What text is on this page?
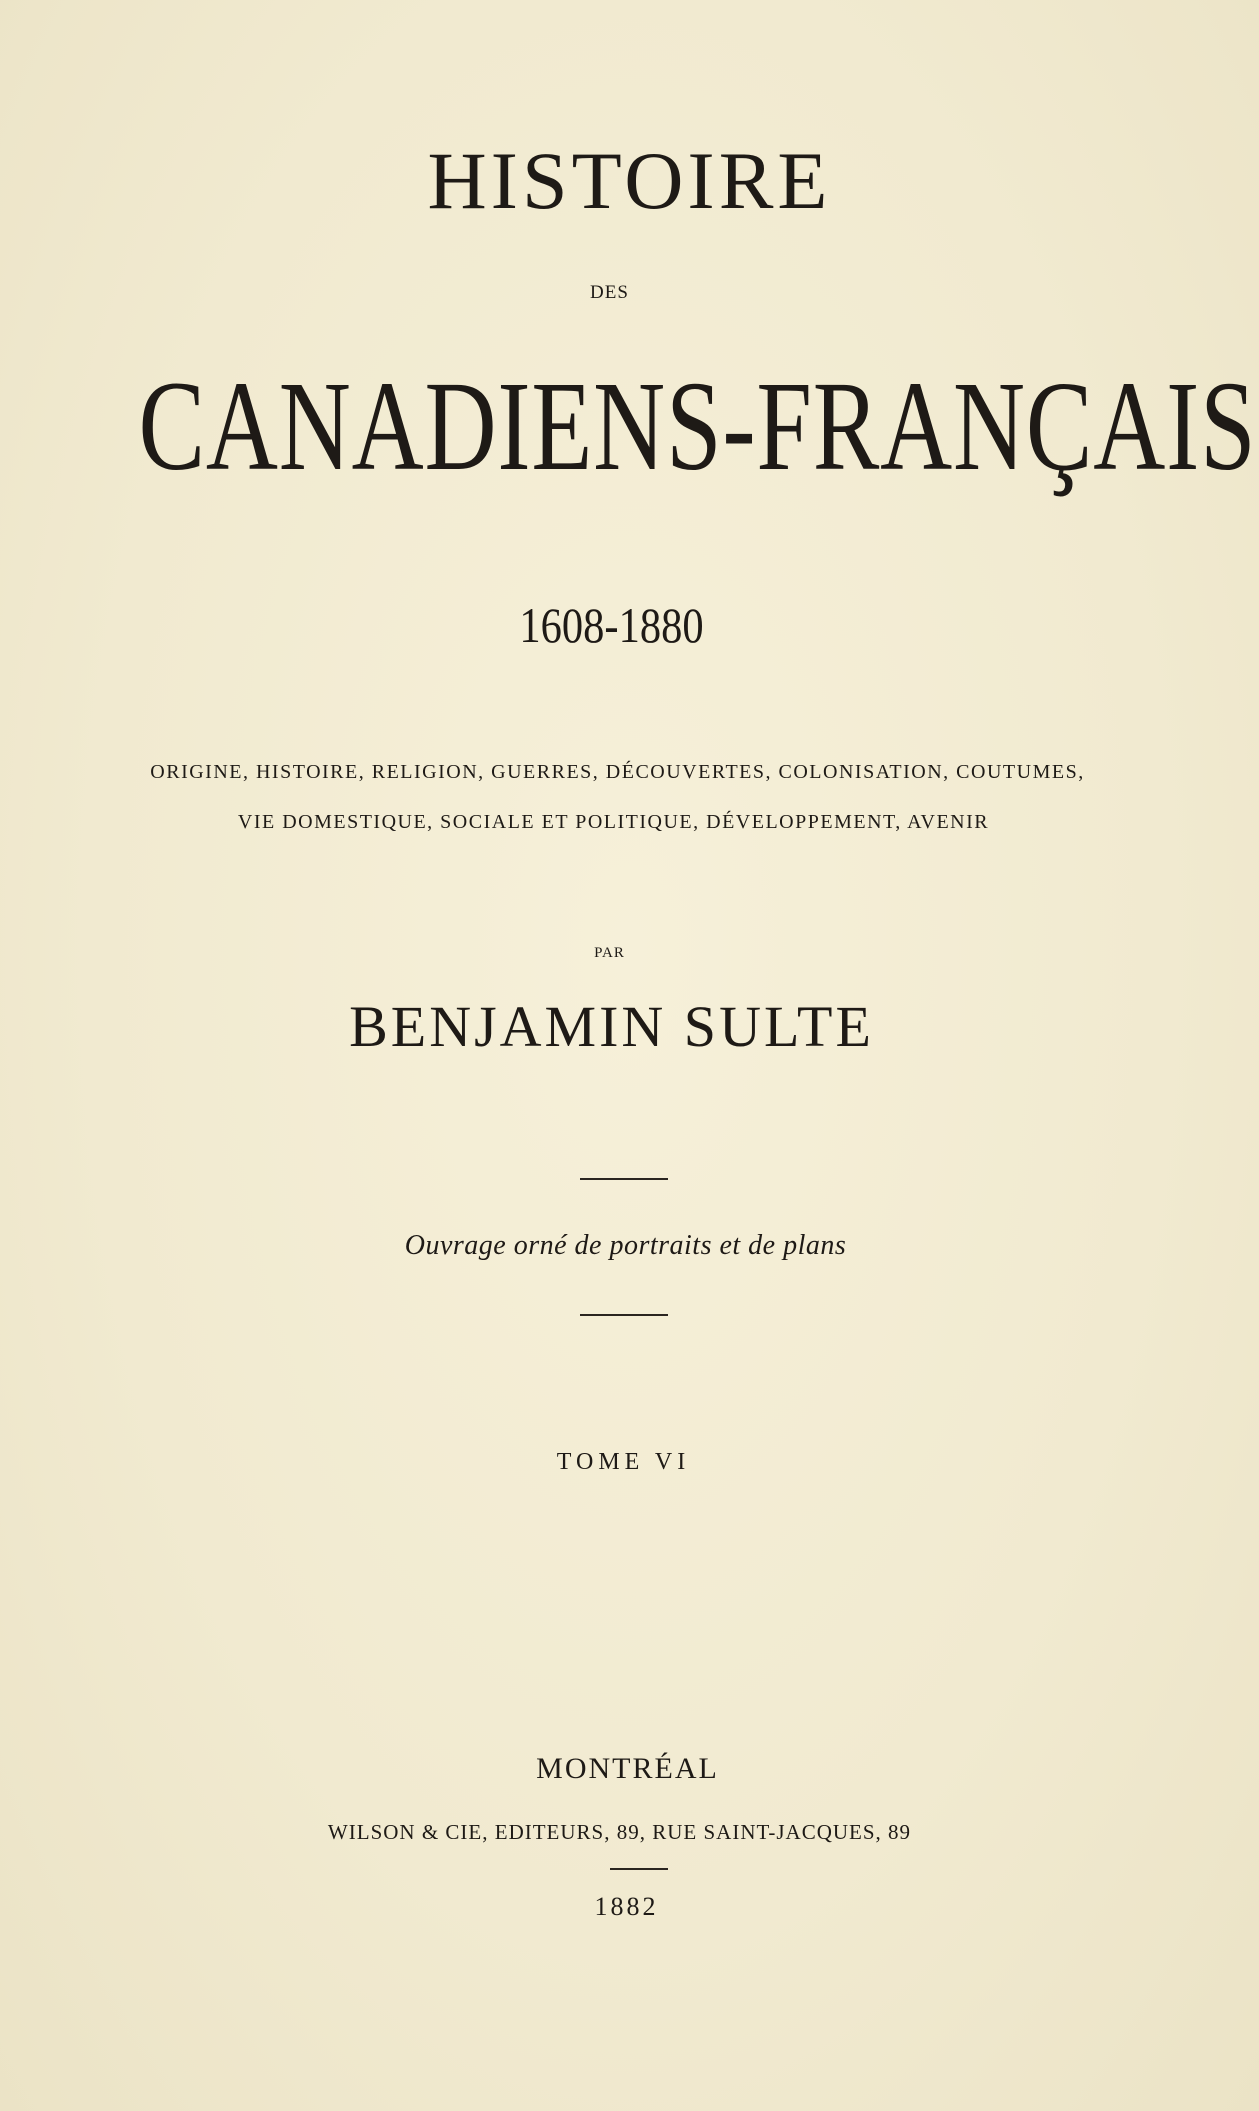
HISTOIRE
DES
CANADIENS-FRANÇAIS
1608-1880
ORIGINE, HISTOIRE, RELIGION, GUERRES, DÉCOUVERTES, COLONISATION, COUTUMES,
VIE DOMESTIQUE, SOCIALE ET POLITIQUE, DÉVELOPPEMENT, AVENIR
PAR
BENJAMIN SULTE
Ouvrage orné de portraits et de plans
TOME VI
MONTRÉAL
WILSON & CIE, EDITEURS, 89, RUE SAINT-JACQUES, 89
1882
